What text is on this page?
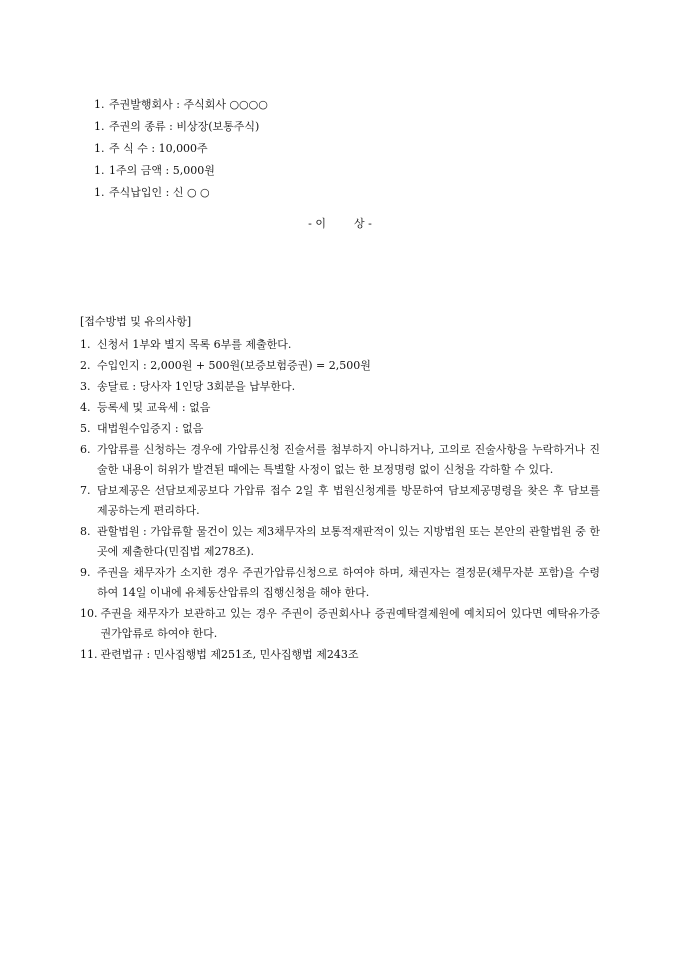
1. 주권발행회사 : 주식회사 ○○○○
1. 주권의 종류 : 비상장(보통주식)
1. 주 식 수 : 10,000주
1. 1주의 금액 : 5,000원
1. 주식납입인 : 신 ○ ○
- 이	상 -
[접수방법 및 유의사항]
1. 신청서 1부와 별지 목록 6부를 제출한다.
2. 수입인지 : 2,000원 + 500원(보증보험증권) = 2,500원
3. 송달료 : 당사자 1인당 3회분을 납부한다.
4. 등록세 및 교육세 : 없음
5. 대법원수입증지 : 없음
6. 가압류를 신청하는 경우에 가압류신청 진술서를 첨부하지 아니하거나, 고의로 진술사항을 누락하거나 진술한 내용이 허위가 발견된 때에는 특별할 사정이 없는 한 보정명령 없이 신청을 각하할 수 있다.
7. 담보제공은 선담보제공보다 가압류 접수 2일 후 법원신청계를 방문하여 담보제공명령을 찾은 후 담보를 제공하는게 편리하다.
8. 관할법원 : 가압류할 물건이 있는 제3채무자의 보통적재판적이 있는 지방법원 또는 본안의 관할법원 중 한곳에 제출한다(민집법 제278조).
9. 주권을 채무자가 소지한 경우 주권가압류신청으로 하여야 하며, 채권자는 결정문(채무자분 포함)을 수령하여 14일 이내에 유체동산압류의 집행신청을 해야 한다.
10. 주권을 채무자가 보관하고 있는 경우 주권이 증권회사나 증권예탁결제원에 예치되어 있다면 예탁유가증권가압류로 하여야 한다.
11. 관련법규 : 민사집행법 제251조, 민사집행법 제243조
